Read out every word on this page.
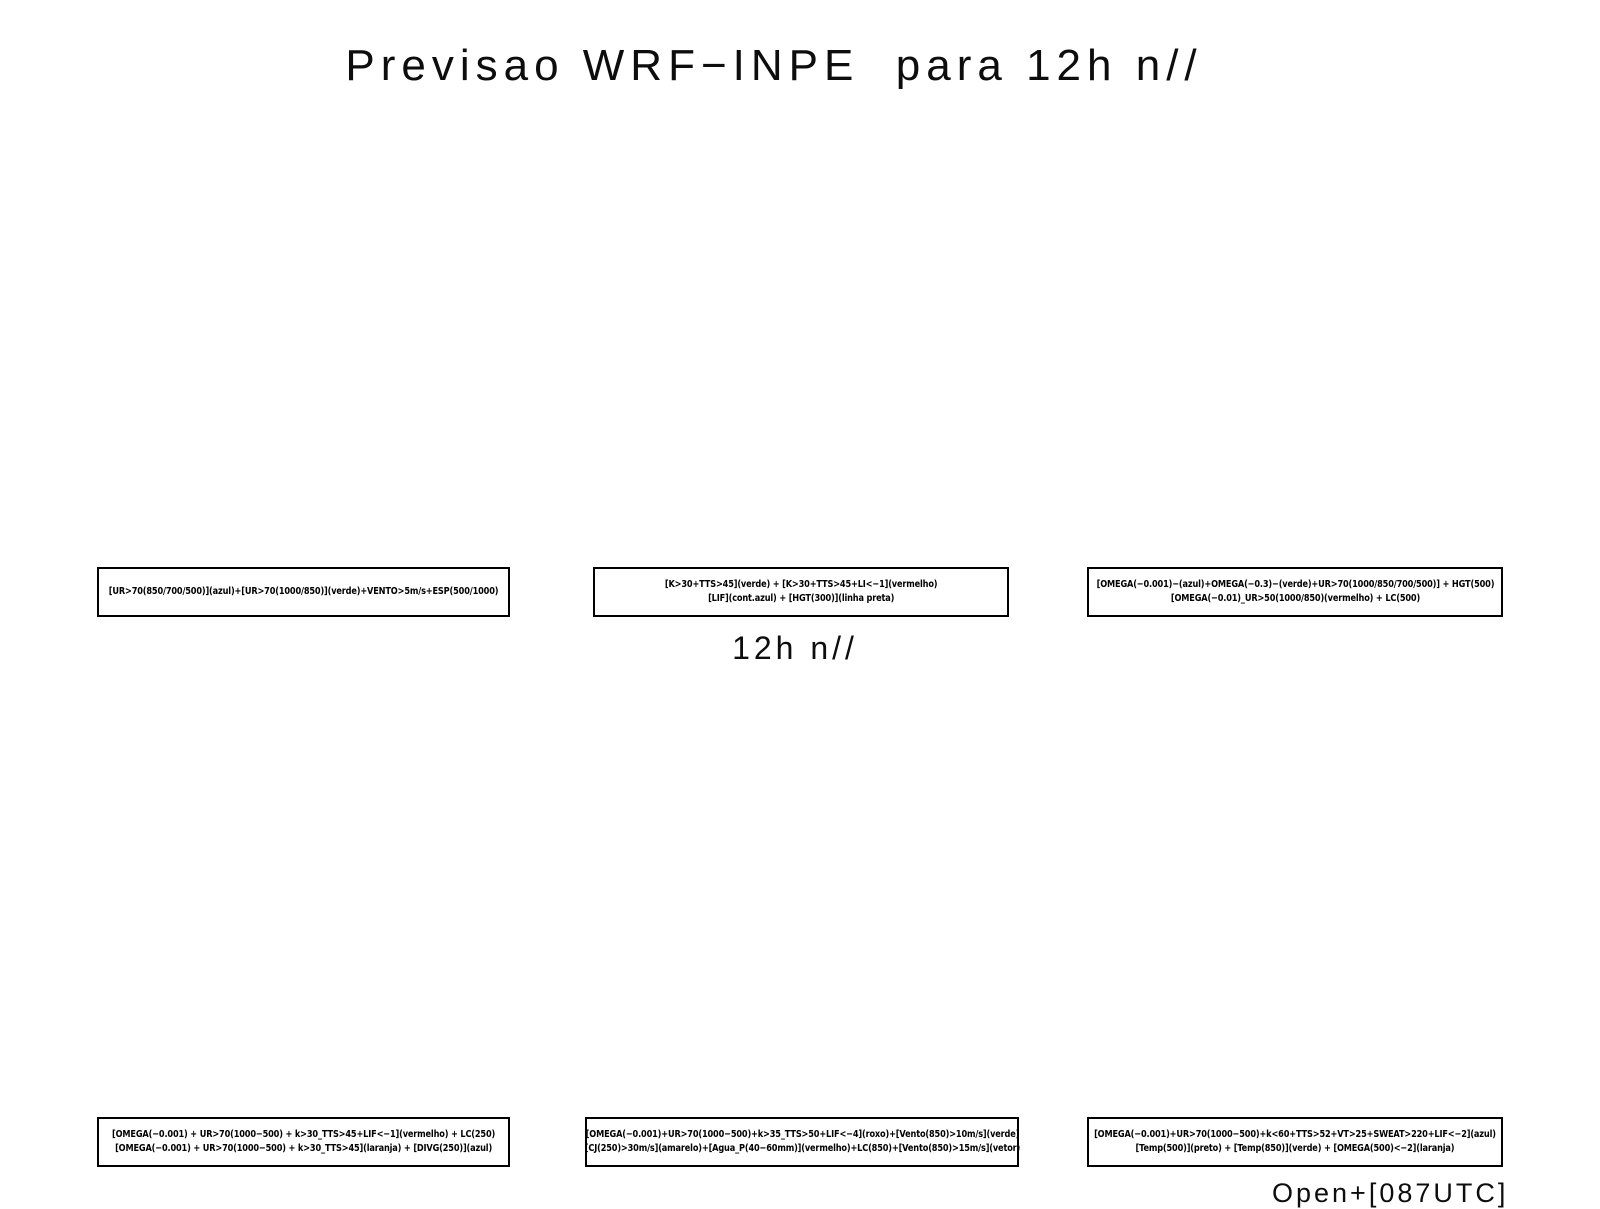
Previsao WRF−INPE  para 12h n//
[UR>70(850/700/500)](azul)+[UR>70(1000/850)](verde)+VENTO>5m/s+ESP(500/1000)
[K>30+TTS>45](verde) + [K>30+TTS>45+LI<−1](vermelho)
[LIF](cont.azul) + [HGT(300)](linha preta)
[OMEGA(−0.001)−(azul)+OMEGA(−0.3)−(verde)+UR>70(1000/850/700/500)] + HGT(500)
[OMEGA(−0.01)_UR>50(1000/850)(vermelho) + LC(500)
12h n//
[OMEGA(−0.001) + UR>70(1000−500) + k>30_TTS>45+LIF<−1](vermelho) + LC(250)
[OMEGA(−0.001) + UR>70(1000−500) + k>30_TTS>45](laranja) + [DIVG(250)](azul)
[OMEGA(−0.001)+UR>70(1000−500)+k>35_TTS>50+LIF<−4](roxo)+[Vento(850)>10m/s](verde)
[CJ(250)>30m/s](amarelo)+[Agua_P(40−60mm)](vermelho)+LC(850)+[Vento(850)>15m/s](vetor)
[OMEGA(−0.001)+UR>70(1000−500)+k<60+TTS>52+VT>25+SWEAT>220+LIF<−2](azul)
[Temp(500)](preto) + [Temp(850)](verde) + [OMEGA(500)<−2](laranja)
Open+[087UTC]
